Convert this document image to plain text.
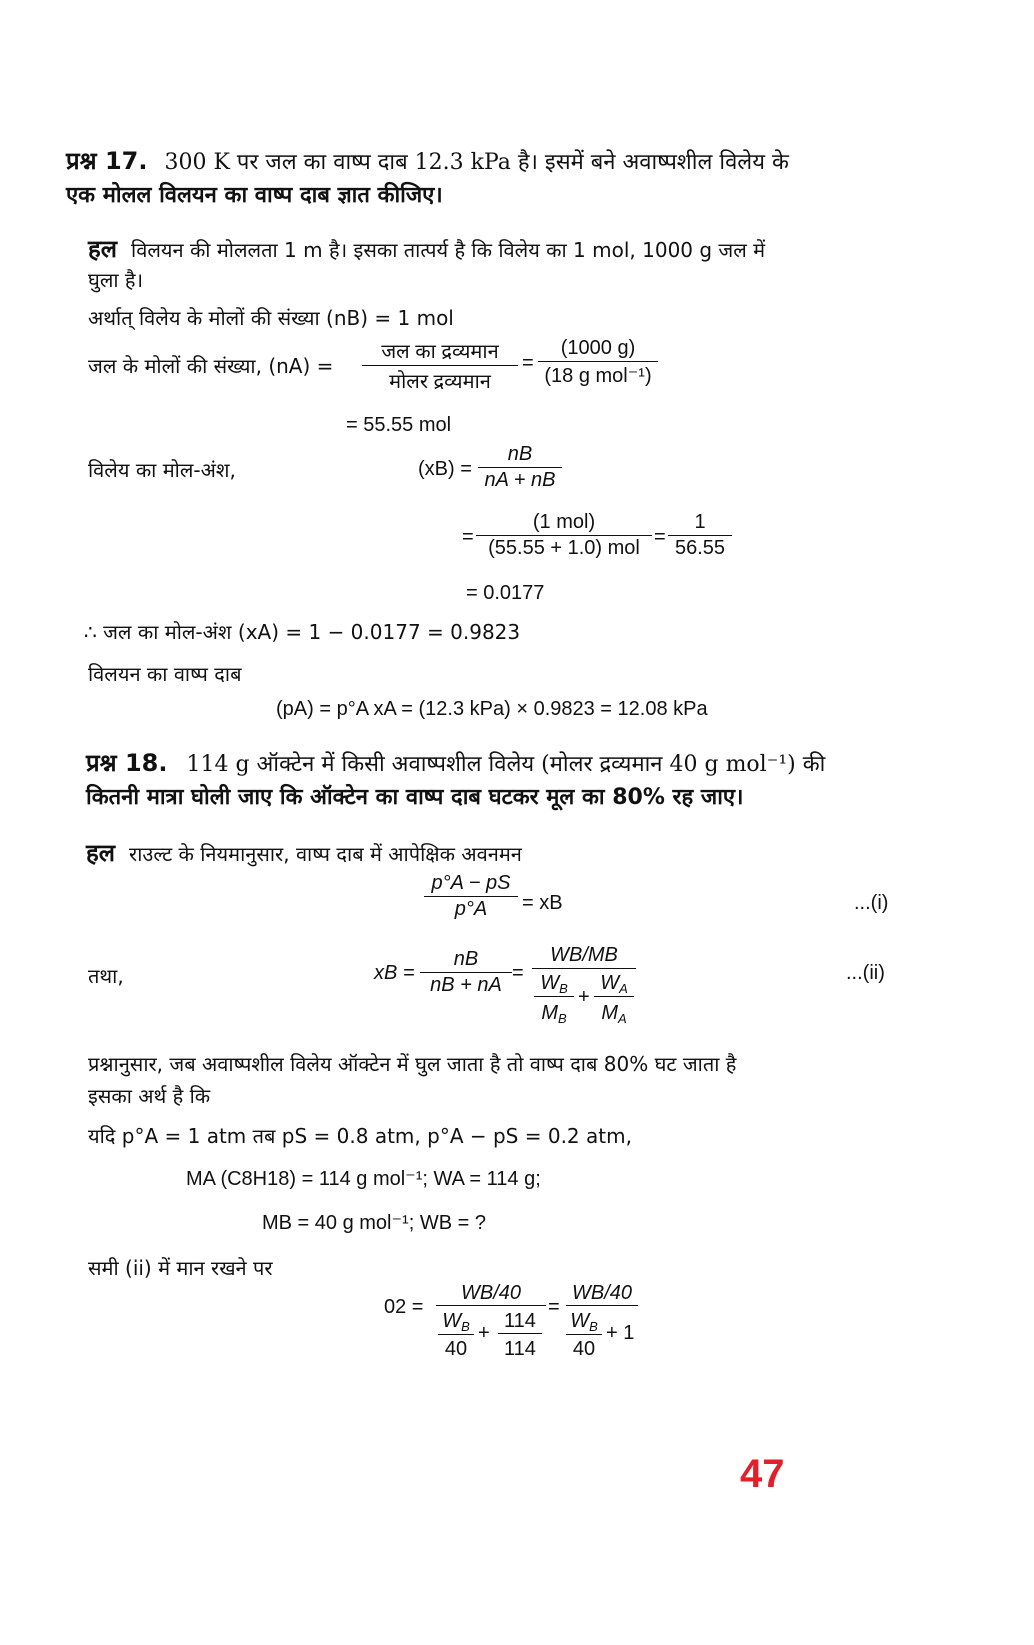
प्रश्न 17. 300 K पर जल का वाष्प दाब 12.3 kPa है। इसमें बने अवाष्पशील विलेय के
एक मोलल विलयन का वाष्प दाब ज्ञात कीजिए।
हल विलयन की मोललता 1 m है। इसका तात्पर्य है कि विलेय का 1 mol, 1000 g जल में
घुला है।
अर्थात् विलेय के मोलों की संख्या (nB) = 1 mol
जल के मोलों की संख्या, (nA) =
जल का द्रव्यमान
मोलर द्रव्यमान
=
(1000 g)
(18 g mol⁻¹)
= 55.55 mol
विलेय का मोल-अंश,	$(xB) = \frac{nB}{nA + nB}$
=
(1 mol)
(55.55 + 1.0) mol = $\frac{1}{56.55}$
= 0.0177
∴ जल का मोल-अंश (xA) = 1 − 0.0177 = 0.9823
विलयन का वाष्प दाब
(pA) = p°A xA = (12.3 kPa) × 0.9823 = 12.08 kPa
प्रश्न 18. 114 g ऑक्टेन में किसी अवाष्पशील विलेय (मोलर द्रव्यमान 40 g mol⁻¹) की
कितनी मात्रा घोली जाए कि ऑक्टेन का वाष्प दाब घटकर मूल का 80% रह जाए।
हल राउल्ट के नियमानुसार, वाष्प दाब में आपेक्षिक अवनमन
$\frac{p^\circ A - pS}{p^\circ A}$ = xB	...(i)
तथा,	xB = $\frac{nB}{nB + nA}$ =
WB/MB
$W_B$
$M_B$
+
$W_A$
$M_A$
...(ii)
प्रश्नानुसार, जब अवाष्पशील विलेय ऑक्टेन में घुल जाता है तो वाष्प दाब 80% घट जाता है
इसका अर्थ है कि
यदि p°A = 1 atm तब pS = 0.8 atm, p°A − pS = 0.2 atm,
MA (C8H18) = 114 g mol⁻¹; WA = 114 g;
MB = 40 g mol⁻¹; WB = ?
समी (ii) में मान रखने पर
02 =
WB/40
$W_B$
40
+
114
114
=
WB/40
$W_B$
40
+ 1
47
